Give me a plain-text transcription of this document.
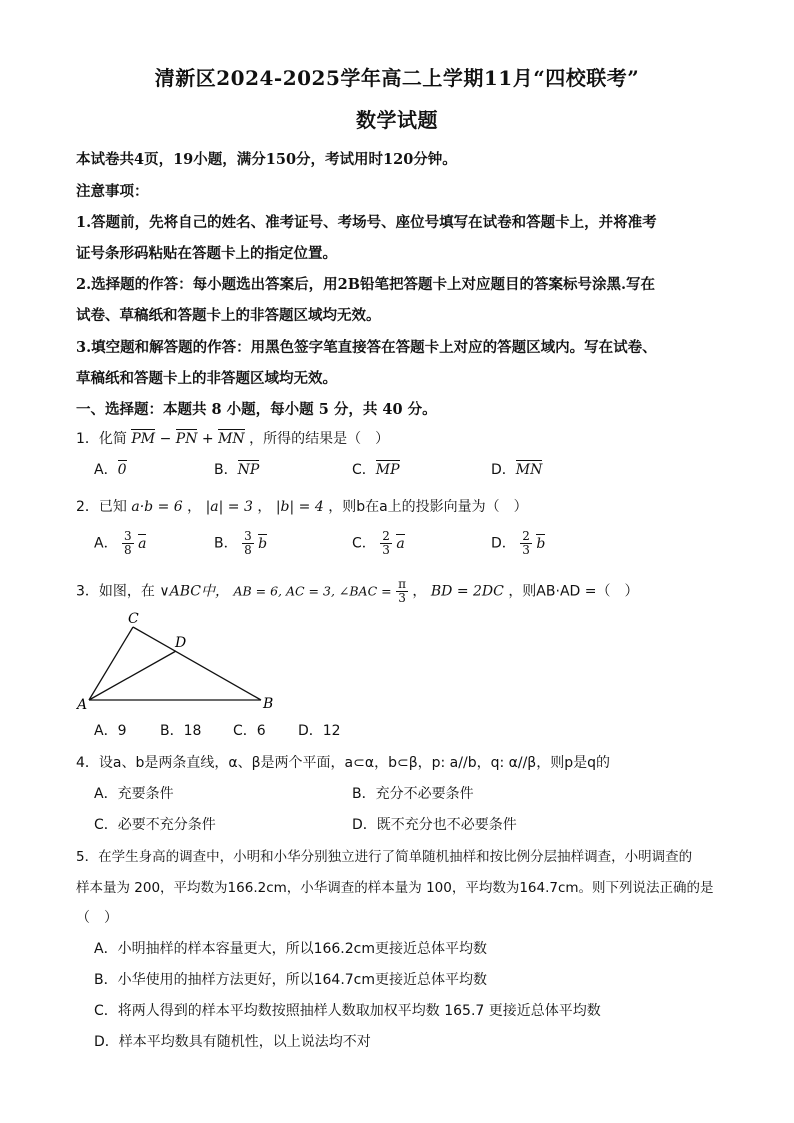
清新区2024-2025学年高二上学期11月“四校联考”
数学试题
本试卷共4页，19小题，满分150分，考试用时120分钟。
注意事项：
1.答题前，先将自己的姓名、准考证号、考场号、座位号填写在试卷和答题卡上，并将准考
证号条形码粘贴在答题卡上的指定位置。
2.选择题的作答：每小题选出答案后，用2B铅笔把答题卡上对应题目的答案标号涂黑.写在
试卷、草稿纸和答题卡上的非答题区域均无效。
3.填空题和解答题的作答：用黑色签字笔直接答在答题卡上对应的答题区域内。写在试卷、
草稿纸和答题卡上的非答题区域均无效。
一、选择题：本题共 8 小题，每小题 5 分，共 40 分。
1．化简 PM − PN + MN ，所得的结果是（　）
A．0	B．NP	C．MP	D．MN
2．已知 a·b = 6 ， |a| = 3 ， |b| = 4 ，则b在a上的投影向量为（　）
A． $\frac{3}{8}$ a	B． $\frac{3}{8}$ b	C． $\frac{2}{3}$ a	D． $\frac{2}{3}$ b
3．如图，在 ∨ABC中， AB = 6, AC = 3, ∠BAC = $\frac{\pi}{3}$ ， BD = 2DC ，则AB·AD =（　）
A	B
C
D
A．9 B．18 C．6 D．12
4．设a、b是两条直线，α、β是两个平面，a⊂α，b⊂β，p: a//b，q: α//β，则p是q的
A．充要条件	B．充分不必要条件
C．必要不充分条件	D．既不充分也不必要条件
5．在学生身高的调查中，小明和小华分别独立进行了简单随机抽样和按比例分层抽样调查，小明调查的
样本量为 200，平均数为166.2cm，小华调查的样本量为 100，平均数为164.7cm。则下列说法正确的是
（　）
A．小明抽样的样本容量更大，所以166.2cm更接近总体平均数
B．小华使用的抽样方法更好，所以164.7cm更接近总体平均数
C．将两人得到的样本平均数按照抽样人数取加权平均数 165.7 更接近总体平均数
D．样本平均数具有随机性，以上说法均不对
